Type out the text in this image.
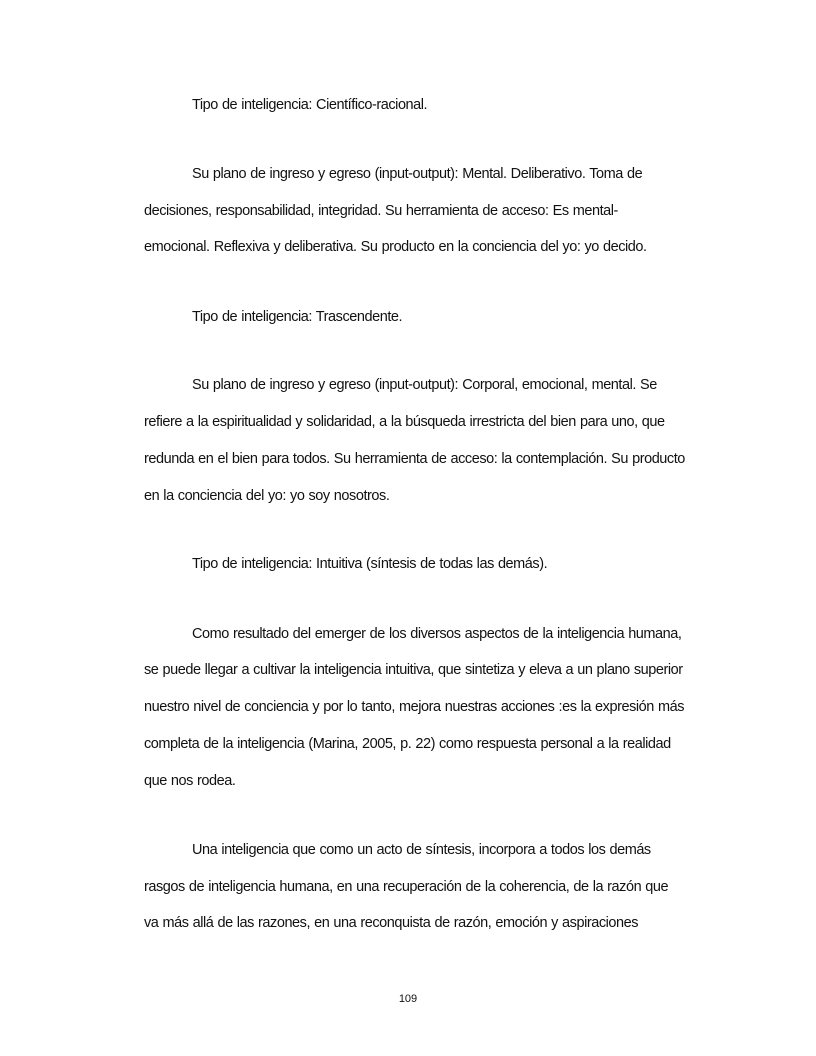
Tipo de inteligencia: Científico-racional.

Su plano de ingreso y egreso (input-output): Mental. Deliberativo. Toma de

decisiones, responsabilidad, integridad. Su herramienta de acceso: Es mental-

emocional. Reflexiva y deliberativa. Su producto en la conciencia del yo: yo decido.

Tipo de inteligencia: Trascendente.

Su plano de ingreso y egreso (input-output): Corporal, emocional, mental. Se

refiere a la espiritualidad y solidaridad, a la búsqueda irrestricta del bien para uno, que

redunda en el bien para todos. Su herramienta de acceso: la contemplación. Su producto

en la conciencia del yo: yo soy nosotros.

Tipo de inteligencia: Intuitiva (síntesis de todas las demás).

Como resultado del emerger de los diversos aspectos de la inteligencia humana,

se puede llegar a cultivar la inteligencia intuitiva, que sintetiza y eleva a un plano superior

nuestro nivel de conciencia y por lo tanto, mejora nuestras acciones :es la expresión más

completa de la inteligencia (Marina, 2005, p. 22) como respuesta personal a la realidad

que nos rodea.

Una inteligencia que como un acto de síntesis, incorpora a todos los demás

rasgos de inteligencia humana, en una recuperación de la coherencia, de la razón que

va más allá de las razones, en una reconquista de razón, emoción y aspiraciones

109
